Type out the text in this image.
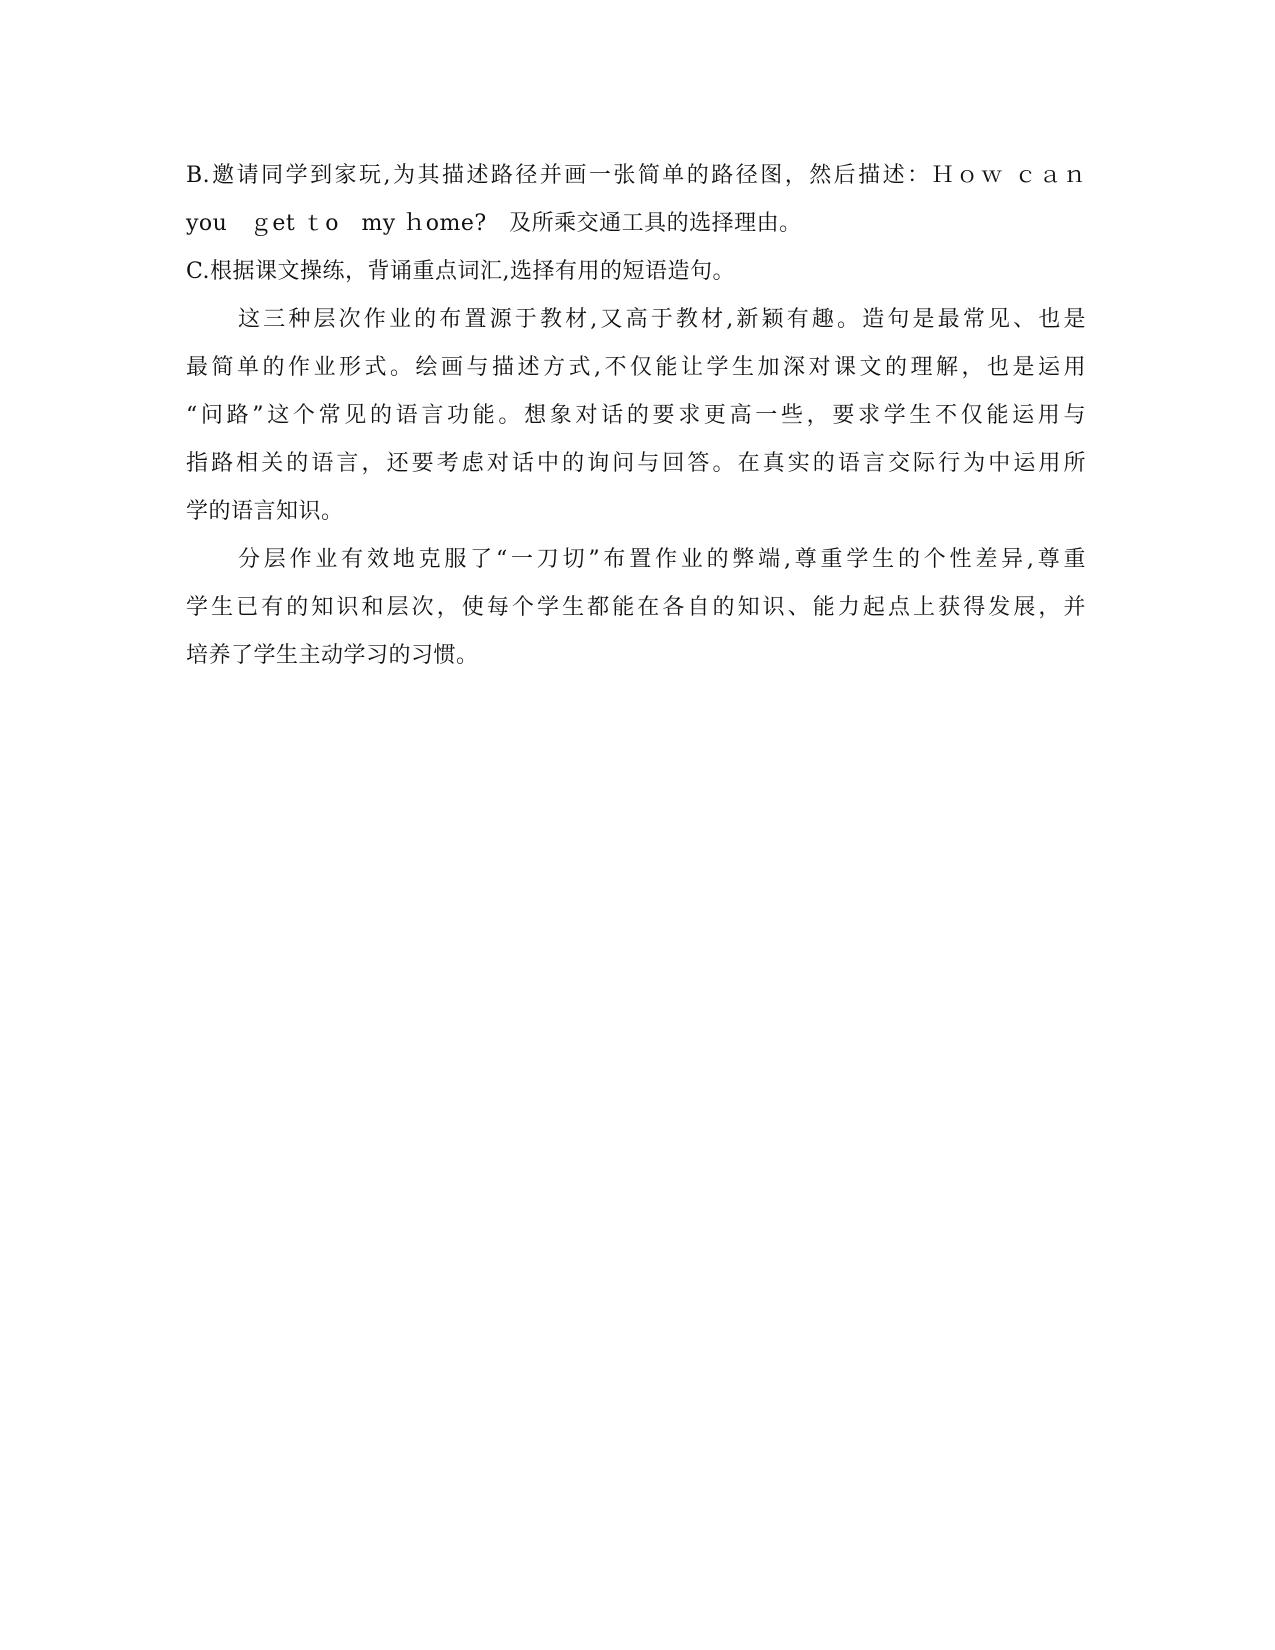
B.邀请同学到家玩,为其描述路径并画一张简单的路径图，然后描述：Ｈｏｗ ｃａｎ
you　ｇet ｔo　my ｈome?　及所乘交通工具的选择理由。
C.根据课文操练，背诵重点词汇,选择有用的短语造句。
这三种层次作业的布置源于教材,又高于教材,新颖有趣。造句是最常见、也是
最简单的作业形式。绘画与描述方式,不仅能让学生加深对课文的理解，也是运用
“问路”这个常见的语言功能。想象对话的要求更高一些，要求学生不仅能运用与
指路相关的语言，还要考虑对话中的询问与回答。在真实的语言交际行为中运用所
学的语言知识。
分层作业有效地克服了“一刀切”布置作业的弊端,尊重学生的个性差异,尊重
学生已有的知识和层次，使每个学生都能在各自的知识、能力起点上获得发展，并
培养了学生主动学习的习惯。
